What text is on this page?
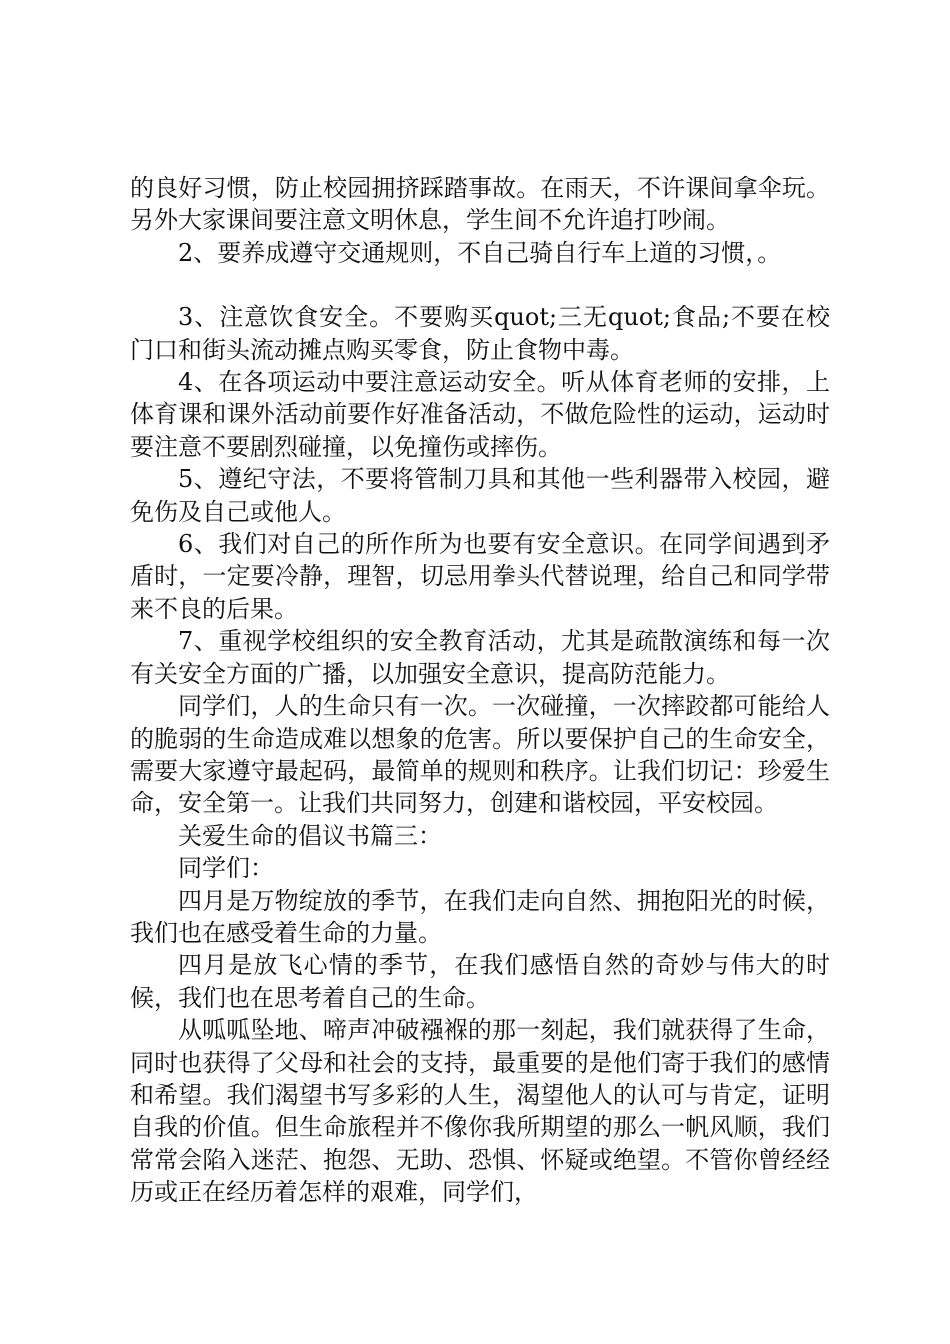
的良好习惯，防止校园拥挤踩踏事故。在雨天，不许课间拿伞玩。另外大家课间要注意文明休息，学生间不允许追打吵闹。

2、要养成遵守交通规则，不自己骑自行车上道的习惯，。

3、注意饮食安全。不要购买quot;三无quot;食品;不要在校门口和街头流动摊点购买零食，防止食物中毒。

4、在各项运动中要注意运动安全。听从体育老师的安排，上体育课和课外活动前要作好准备活动，不做危险性的运动，运动时要注意不要剧烈碰撞，以免撞伤或摔伤。

5、遵纪守法，不要将管制刀具和其他一些利器带入校园，避免伤及自己或他人。

6、我们对自己的所作所为也要有安全意识。在同学间遇到矛盾时，一定要冷静，理智，切忌用拳头代替说理，给自己和同学带来不良的后果。

7、重视学校组织的安全教育活动，尤其是疏散演练和每一次有关安全方面的广播，以加强安全意识，提高防范能力。

同学们，人的生命只有一次。一次碰撞，一次摔跤都可能给人的脆弱的生命造成难以想象的危害。所以要保护自己的生命安全，需要大家遵守最起码，最简单的规则和秩序。让我们切记：珍爱生命，安全第一。让我们共同努力，创建和谐校园，平安校园。

关爱生命的倡议书篇三：

同学们：

四月是万物绽放的季节，在我们走向自然、拥抱阳光的时候，我们也在感受着生命的力量。

四月是放飞心情的季节，在我们感悟自然的奇妙与伟大的时候，我们也在思考着自己的生命。

从呱呱坠地、啼声冲破襁褓的那一刻起，我们就获得了生命，同时也获得了父母和社会的支持，最重要的是他们寄于我们的感情和希望。我们渴望书写多彩的人生，渴望他人的认可与肯定，证明自我的价值。但生命旅程并不像你我所期望的那么一帆风顺，我们常常会陷入迷茫、抱怨、无助、恐惧、怀疑或绝望。不管你曾经经历或正在经历着怎样的艰难，同学们，
